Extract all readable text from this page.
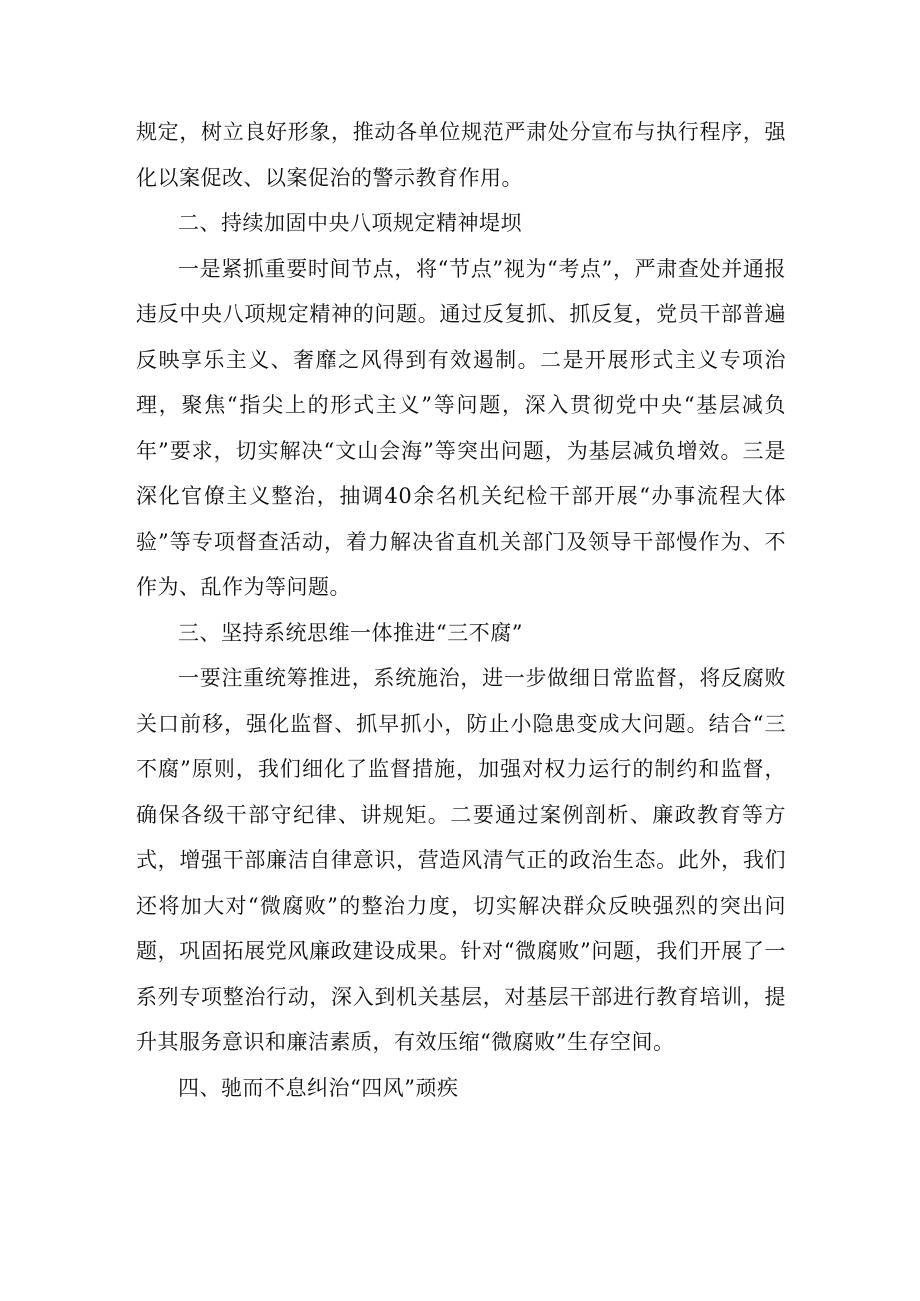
规定，树立良好形象，推动各单位规范严肃处分宣布与执行程序，强化以案促改、以案促治的警示教育作用。

二、持续加固中央八项规定精神堤坝

一是紧抓重要时间节点，将“节点”视为“考点”，严肃查处并通报违反中央八项规定精神的问题。通过反复抓、抓反复，党员干部普遍反映享乐主义、奢靡之风得到有效遏制。二是开展形式主义专项治理，聚焦“指尖上的形式主义”等问题，深入贯彻党中央“基层减负年”要求，切实解决“文山会海”等突出问题，为基层减负增效。三是深化官僚主义整治，抽调40余名机关纪检干部开展“办事流程大体验”等专项督查活动，着力解决省直机关部门及领导干部慢作为、不作为、乱作为等问题。

三、坚持系统思维一体推进“三不腐”

一要注重统筹推进，系统施治，进一步做细日常监督，将反腐败关口前移，强化监督、抓早抓小，防止小隐患变成大问题。结合“三不腐”原则，我们细化了监督措施，加强对权力运行的制约和监督，确保各级干部守纪律、讲规矩。二要通过案例剖析、廉政教育等方式，增强干部廉洁自律意识，营造风清气正的政治生态。此外，我们还将加大对“微腐败”的整治力度，切实解决群众反映强烈的突出问题，巩固拓展党风廉政建设成果。针对“微腐败”问题，我们开展了一系列专项整治行动，深入到机关基层，对基层干部进行教育培训，提升其服务意识和廉洁素质，有效压缩“微腐败”生存空间。

四、驰而不息纠治“四风”顽疾
